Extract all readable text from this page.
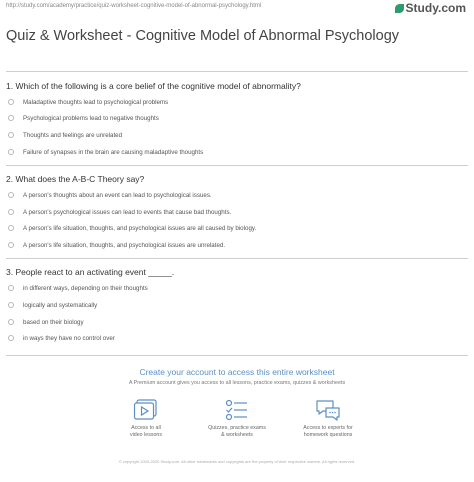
http://study.com/academy/practice/quiz-worksheet-cognitive-model-of-abnormal-psychology.html	Study.com
Quiz & Worksheet - Cognitive Model of Abnormal Psychology
1. Which of the following is a core belief of the cognitive model of abnormality?
Maladaptive thoughts lead to psychological problems
Psychological problems lead to negative thoughts
Thoughts and feelings are unrelated
Failure of synapses in the brain are causing maladaptive thoughts
2. What does the A-B-C Theory say?
A person's thoughts about an event can lead to psychological issues.
A person's psychological issues can lead to events that cause bad thoughts.
A person's life situation, thoughts, and psychological issues are all caused by biology.
A person's life situation, thoughts, and psychological issues are unrelated.
3. People react to an activating event _____.
in different ways, depending on their thoughts
logically and systematically
based on their biology
in ways they have no control over
Create your account to access this entire worksheet
A Premium account gives you access to all lessons, practice exams, quizzes & worksheets
Access to all
video lessons
Quizzes, practice exams
& worksheets
Access to experts for
homework questions
© copyright 2003-2020 Study.com. All other trademarks and copyrights are the property of their respective owners. All rights reserved.
